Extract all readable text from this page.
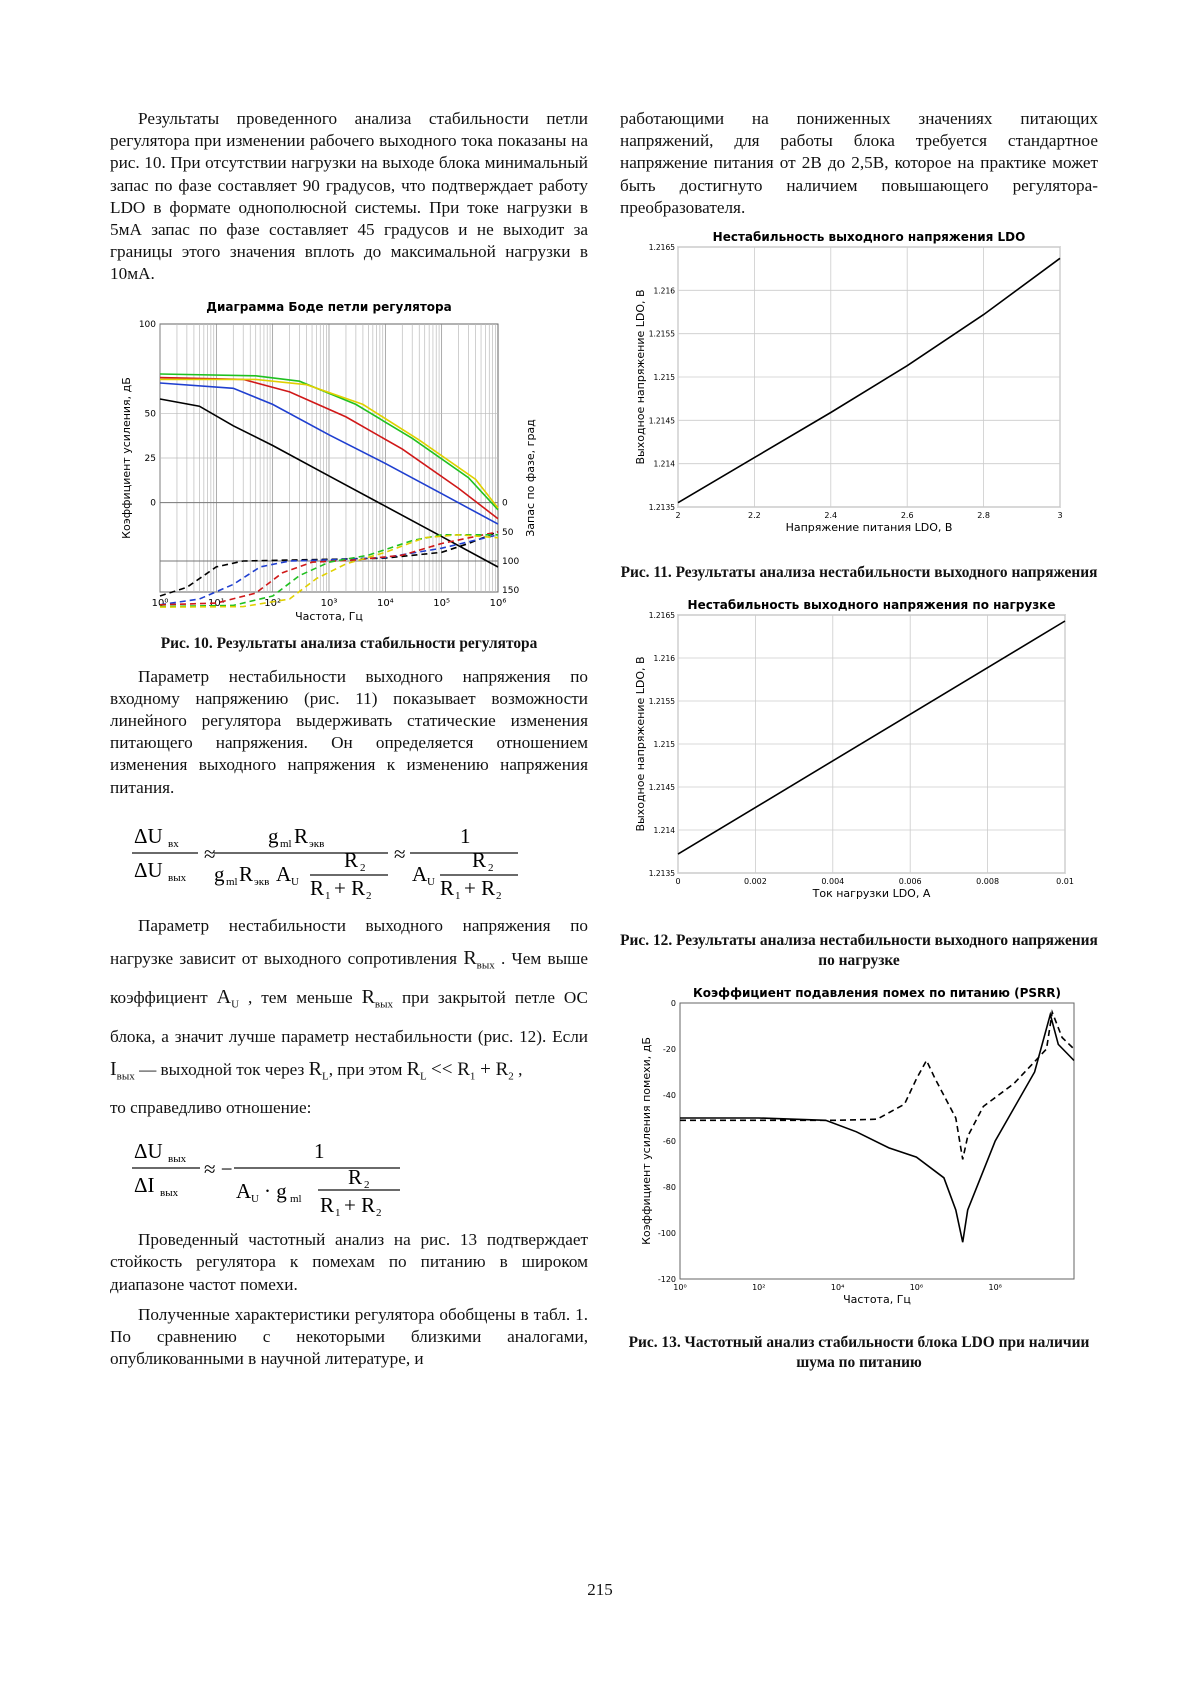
Результаты проведенного анализа стабильности петли регулятора при изменении рабочего выходного тока показаны на рис. 10. При отсутствии нагрузки на выходе блока минимальный запас по фазе составляет 90 градусов, что подтверждает работу LDO в формате однополюсной системы. При токе нагрузки в 5мА запас по фазе составляет 45 градусов и не выходит за границы этого значения вплоть до максимальной нагрузки в 10мА.

Диаграмма Боде петли регулятора
100
50
25
0	0
50
100
150
10⁰	10¹	10²	10³	10⁴	10⁵	10⁶
Частота, Гц
Коэффициент усиления, дБ	Запас по фазе, град

Рис. 10. Результаты анализа стабильности регулятора

Параметр нестабильности выходного напряжения по входному напряжению (рис. 11) показывает возможности линейного регулятора выдерживать статические изменения питающего напряжения. Он определяется отношением изменения выходного напряжения к изменению напряжения питания.

ΔU вх
ΔU вых
≈
g ml R экв
g ml R экв A U
R 2
R 1 + R 2
≈
1
A U
R 2
R 1 + R 2

Параметр нестабильности выходного напряжения по нагрузке зависит от выходного сопротивления $R_{вых}$ . Чем выше коэффициент $A_U$ , тем меньше $R_{вых}$ при закрытой петле ОС блока, а значит лучше параметр нестабильности (рис. 12). Если $I_{вых}$ — выходной ток через $R_L$, при этом $R_L << R_1 + R_2$ ,
то справедливо отношение:

ΔU вых
ΔI вых
≈ −
1
A U · g ml
R 2
R 1 + R 2

Проведенный частотный анализ на рис. 13 подтверждает стойкость регулятора к помехам по питанию в широком диапазоне частот помехи.

Полученные характеристики регулятора обобщены в табл. 1. По сравнению с некоторыми близкими аналогами, опубликованными в научной литературе, и

работающими на пониженных значениях питающих напряжений, для работы блока требуется стандартное напряжение питания от 2В до 2,5В, которое на практике может быть достигнуто наличием повышающего регулятора-преобразователя.

Нестабильность выходного напряжения LDO
2	2.2	2.4	2.6	2.8	3
1.2135
1.214
1.2145
1.215
1.2155
1.216
1.2165
Напряжение питания LDO, В
Выходное напряжение LDO, В

Рис. 11. Результаты анализа нестабильности выходного напряжения

Нестабильность выходного напряжения по нагрузке
0	0.002	0.004	0.006	0.008	0.01
1.2135
1.214
1.2145
1.215
1.2155
1.216
1.2165
Ток нагрузки LDO, А
Выходное напряжение LDO, В

Рис. 12. Результаты анализа нестабильности выходного напряжения по нагрузке

Коэффициент подавления помех по питанию (PSRR)
0
-20
-40
-60
-80
-100
-120
10⁰	10²	10⁴	10⁶	10⁸
Частота, Гц
Коэффициент усиления помехи, дБ

Рис. 13. Частотный анализ стабильности блока LDO при наличии шума по питанию

215
